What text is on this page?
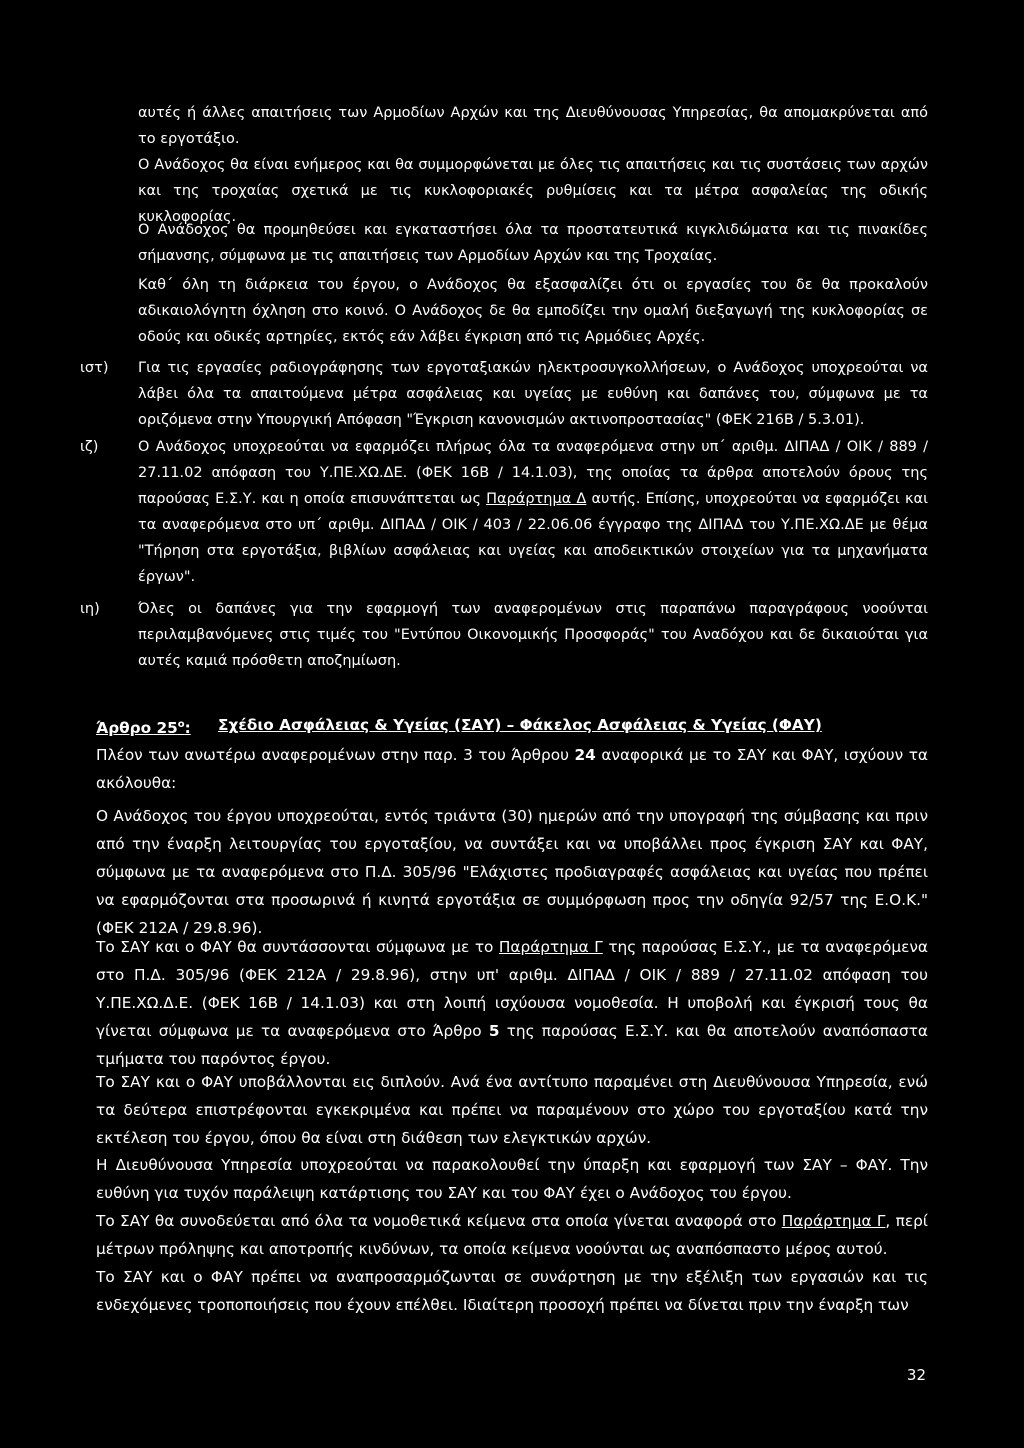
αυτές ή άλλες απαιτήσεις των Αρμοδίων Αρχών και της Διευθύνουσας Υπηρεσίας, θα απομακρύνεται από το εργοτάξιο.
Ο Ανάδοχος θα είναι ενήμερος και θα συμμορφώνεται με όλες τις απαιτήσεις και τις συστάσεις των αρχών και της τροχαίας σχετικά με τις κυκλοφοριακές ρυθμίσεις και τα μέτρα ασφαλείας της οδικής κυκλοφορίας.
Ο Ανάδοχος θα προμηθεύσει και εγκαταστήσει όλα τα προστατευτικά κιγκλιδώματα και τις πινακίδες σήμανσης, σύμφωνα με τις απαιτήσεις των Αρμοδίων Αρχών και της Τροχαίας.
Καθ΄ όλη τη διάρκεια του έργου, ο Ανάδοχος θα εξασφαλίζει ότι οι εργασίες του δε θα προκαλούν αδικαιολόγητη όχληση στο κοινό. Ο Ανάδοχος δε θα εμποδίζει την ομαλή διεξαγωγή της κυκλοφορίας σε οδούς και οδικές αρτηρίες, εκτός εάν λάβει έγκριση από τις Αρμόδιες Αρχές.
ιστ)	Για τις εργασίες ραδιογράφησης των εργοταξιακών ηλεκτροσυγκολλήσεων, ο Ανάδοχος υποχρεούται να λάβει όλα τα απαιτούμενα μέτρα ασφάλειας και υγείας με ευθύνη και δαπάνες του, σύμφωνα με τα οριζόμενα στην Υπουργική Απόφαση "Έγκριση κανονισμών ακτινοπροστασίας" (ΦΕΚ 216Β / 5.3.01).
ιζ)	Ο Ανάδοχος υποχρεούται να εφαρμόζει πλήρως όλα τα αναφερόμενα στην υπ΄ αριθμ. ΔΙΠΑΔ / ΟΙΚ / 889 / 27.11.02 απόφαση του Υ.ΠΕ.ΧΩ.ΔΕ. (ΦΕΚ 16Β / 14.1.03), της οποίας τα άρθρα αποτελούν όρους της παρούσας Ε.Σ.Υ. και η οποία επισυνάπτεται ως Παράρτημα Δ αυτής. Επίσης, υποχρεούται να εφαρμόζει και τα αναφερόμενα στο υπ΄ αριθμ. ΔΙΠΑΔ / ΟΙΚ / 403 / 22.06.06 έγγραφο της ΔΙΠΑΔ του Υ.ΠΕ.ΧΩ.ΔΕ με θέμα "Τήρηση στα εργοτάξια, βιβλίων ασφάλειας και υγείας και αποδεικτικών στοιχείων για τα μηχανήματα έργων".
ιη)	Όλες οι δαπάνες για την εφαρμογή των αναφερομένων στις παραπάνω παραγράφους νοούνται περιλαμβανόμενες στις τιμές του "Εντύπου Οικονομικής Προσφοράς" του Αναδόχου και δε δικαιούται για αυτές καμιά πρόσθετη αποζημίωση.
Άρθρο $25^o$: Σχέδιο Ασφάλειας & Υγείας (ΣΑΥ) – Φάκελος Ασφάλειας & Υγείας (ΦΑΥ)
Πλέον των ανωτέρω αναφερομένων στην παρ. 3 του Άρθρου 24 αναφορικά με το ΣΑΥ και ΦΑΥ, ισχύουν τα ακόλουθα:
Ο Ανάδοχος του έργου υποχρεούται, εντός τριάντα (30) ημερών από την υπογραφή της σύμβασης και πριν από την έναρξη λειτουργίας του εργοταξίου, να συντάξει και να υποβάλλει προς έγκριση ΣΑΥ και ΦΑΥ, σύμφωνα με τα αναφερόμενα στο Π.Δ. 305/96 "Ελάχιστες προδιαγραφές ασφάλειας και υγείας που πρέπει να εφαρμόζονται στα προσωρινά ή κινητά εργοτάξια σε συμμόρφωση προς την οδηγία 92/57 της Ε.Ο.Κ." (ΦΕΚ 212Α / 29.8.96).
Το ΣΑΥ και ο ΦΑΥ θα συντάσσονται σύμφωνα με το Παράρτημα Γ της παρούσας Ε.Σ.Υ., με τα αναφερόμενα στο Π.Δ. 305/96 (ΦΕΚ 212Α / 29.8.96), στην υπ' αριθμ. ΔΙΠΑΔ / ΟΙΚ / 889 / 27.11.02 απόφαση του Υ.ΠΕ.ΧΩ.Δ.Ε. (ΦΕΚ 16Β / 14.1.03) και στη λοιπή ισχύουσα νομοθεσία. Η υποβολή και έγκρισή τους θα γίνεται σύμφωνα με τα αναφερόμενα στο Άρθρο 5 της παρούσας Ε.Σ.Υ. και θα αποτελούν αναπόσπαστα τμήματα του παρόντος έργου.
Το ΣΑΥ και ο ΦΑΥ υποβάλλονται εις διπλούν. Ανά ένα αντίτυπο παραμένει στη Διευθύνουσα Υπηρεσία, ενώ τα δεύτερα επιστρέφονται εγκεκριμένα και πρέπει να παραμένουν στο χώρο του εργοταξίου κατά την εκτέλεση του έργου, όπου θα είναι στη διάθεση των ελεγκτικών αρχών.
Η Διευθύνουσα Υπηρεσία υποχρεούται να παρακολουθεί την ύπαρξη και εφαρμογή των ΣΑΥ – ΦΑΥ. Την ευθύνη για τυχόν παράλειψη κατάρτισης του ΣΑΥ και του ΦΑΥ έχει ο Ανάδοχος του έργου.
Το ΣΑΥ θα συνοδεύεται από όλα τα νομοθετικά κείμενα στα οποία γίνεται αναφορά στο Παράρτημα Γ, περί μέτρων πρόληψης και αποτροπής κινδύνων, τα οποία κείμενα νοούνται ως αναπόσπαστο μέρος αυτού.
Το ΣΑΥ και ο ΦΑΥ πρέπει να αναπροσαρμόζωνται σε συνάρτηση με την εξέλιξη των εργασιών και τις ενδεχόμενες τροποποιήσεις που έχουν επέλθει. Ιδιαίτερη προσοχή πρέπει να δίνεται πριν την έναρξη των
32
